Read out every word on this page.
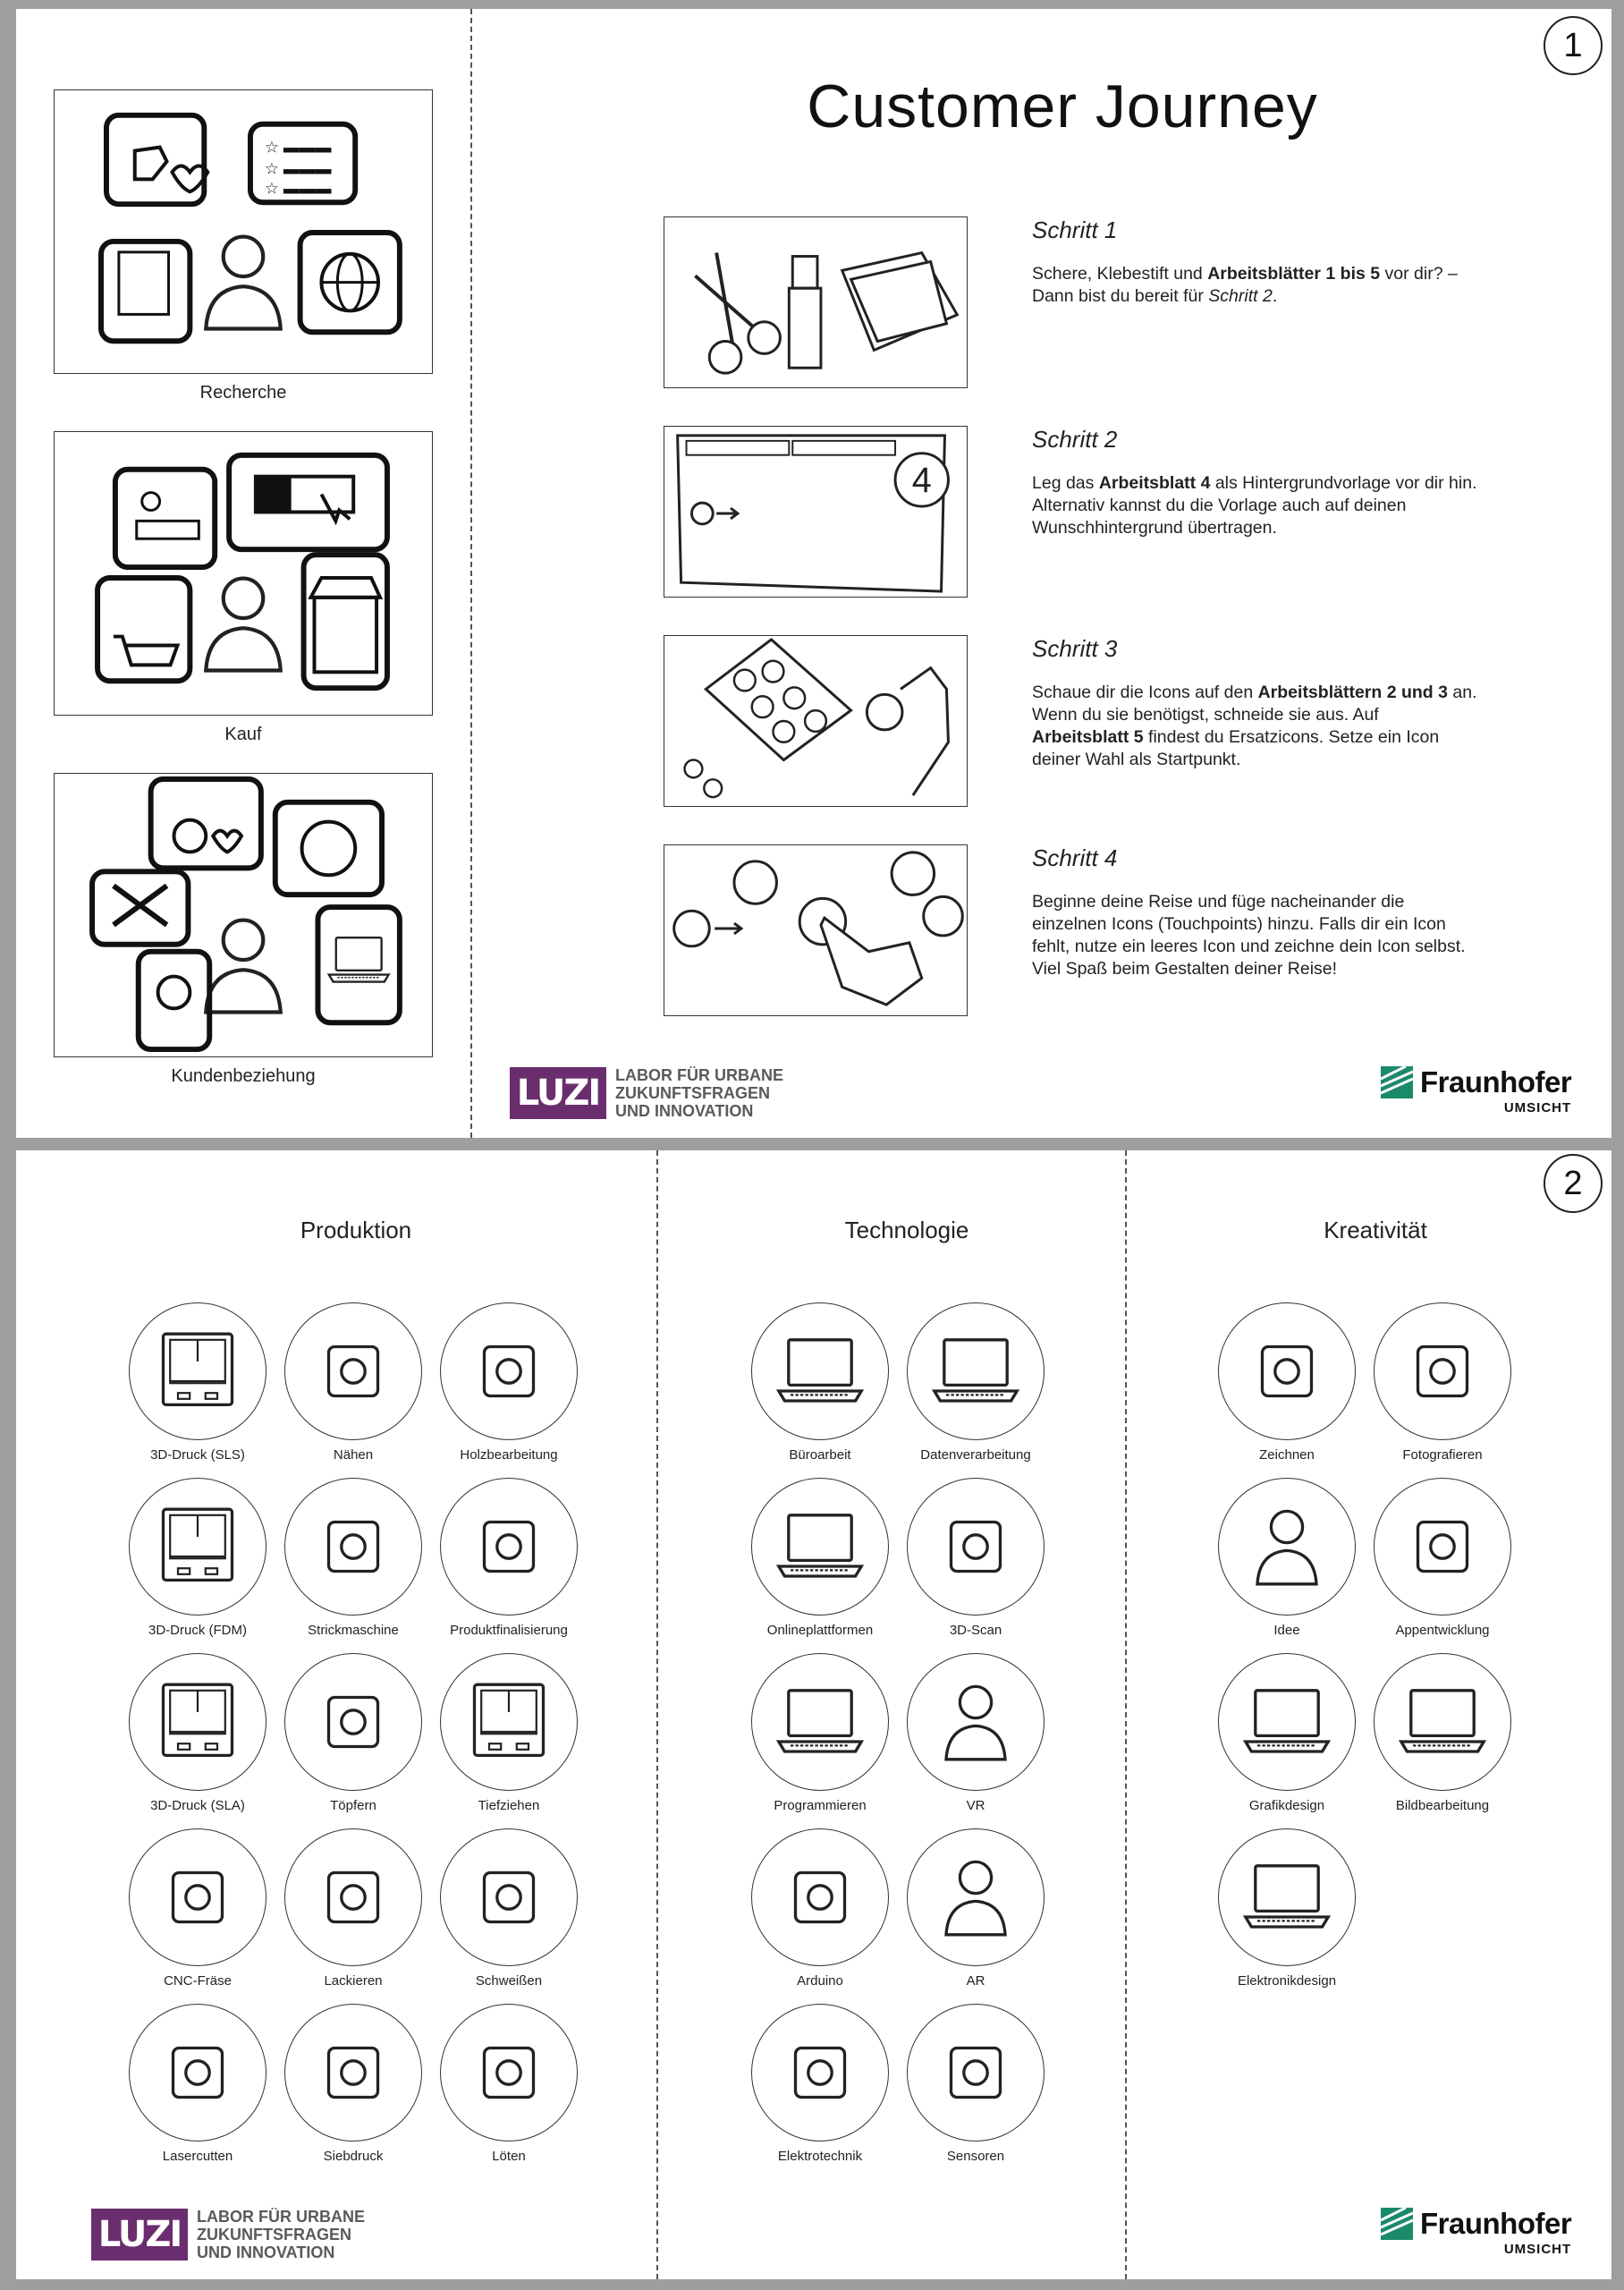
1
☆ ▬▬▬
☆ ▬▬▬
☆ ▬▬▬
Recherche
Kauf
Kundenbeziehung
Customer Journey
Schritt 1
Schere, Klebestift und Arbeitsblätter 1 bis 5 vor dir? – Dann bist du bereit für Schritt 2.
4
Schritt 2
Leg das Arbeitsblatt 4 als Hintergrundvorlage vor dir hin. Alternativ kannst du die Vorlage auch auf deinen Wunschhintergrund übertragen.
Schritt 3
Schaue dir die Icons auf den Arbeitsblättern 2 und 3 an. Wenn du sie benötigst, schneide sie aus. Auf Arbeitsblatt 5 findest du Ersatzicons. Setze ein Icon deiner Wahl als Startpunkt.
Schritt 4
Beginne deine Reise und füge nacheinander die einzelnen Icons (Touchpoints) hinzu. Falls dir ein Icon fehlt, nutze ein leeres Icon und zeichne dein Icon selbst.
Viel Spaß beim Gestalten deiner Reise!
LUZI LABOR FÜR URBANE
ZUKUNFTSFRAGEN
UND INNOVATION
Fraunhofer
UMSICHT
2
Produktion	Technologie	Kreativität
3D-Druck (SLS)	Nähen	Holzbearbeitung
3D-Druck (FDM)	Strickmaschine	Produktfinalisierung
3D-Druck (SLA)	Töpfern	Tiefziehen
CNC-Fräse	Lackieren	Schweißen
Lasercutten	Siebdruck	Löten
Büroarbeit	Datenverarbeitung
Onlineplattformen	3D-Scan
Programmieren	VR
Arduino	AR
Elektrotechnik	Sensoren
Zeichnen	Fotografieren
Idee	Appentwicklung
Grafikdesign	Bildbearbeitung
Elektronikdesign
LUZI LABOR FÜR URBANE
ZUKUNFTSFRAGEN
UND INNOVATION
Fraunhofer
UMSICHT
